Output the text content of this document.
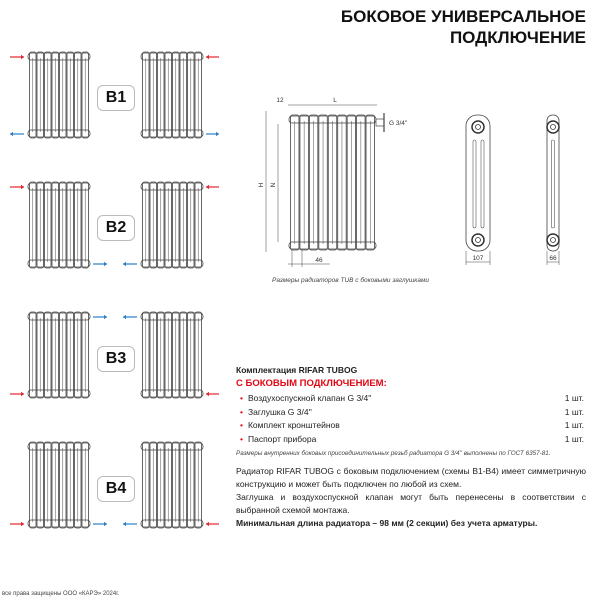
БОКОВОЕ УНИВЕРСАЛЬНОЕ
ПОДКЛЮЧЕНИЕ
G 3/4''
L
12
H N
46	107	66
B1
B2
B3
B4
Размеры радиаторов TUB с боковыми заглушками
Комплектация RIFAR TUBOG
С БОКОВЫМ ПОДКЛЮЧЕНИЕМ:
• Воздухоспускной клапан G 3/4''	1 шт.
• Заглушка G 3/4''	1 шт.
• Комплект кронштейнов	1 шт.
• Паспорт прибора	1 шт.
Размеры внутренних боковых присоединительных резьб радиатора G 3/4'' выполнены по ГОСТ 6357-81.
Радиатор RIFAR TUBOG с боковым подключением (схемы B1-B4) имеет симметричную конструкцию и может быть подключен по любой из схем.
Заглушка и воздухоспускной клапан могут быть перенесены в соответствии с выбранной схемой монтажа.
Минимальная длина радиатора – 98 мм (2 секции) без учета арматуры.
все права защищены ООО «КАРЭ» 2024г.
